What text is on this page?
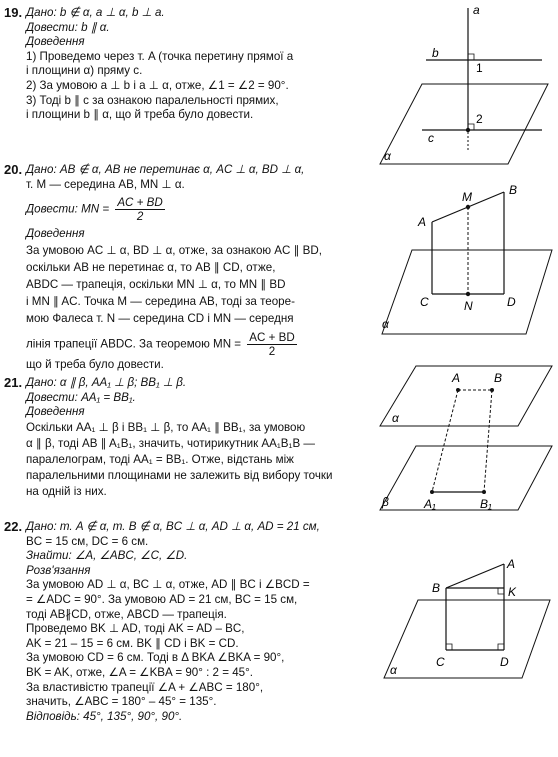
19. Дано: b ∉ α, a ⊥ α, b ⊥ a.
Довести: b ∥ α.
Доведення
1) Проведемо через т. A (точка перетину прямої a
і площини α) пряму c.
2) За умовою a ⊥ b і a ⊥ α, отже, ∠1 = ∠2 = 90°.
3) Тоді b ∥ c за ознакою паралельності прямих,
і площини b ∥ α, що й треба було довести.
a
b
1
2
c
α
20. Дано: AB ∉ α, AB не перетинає α, AC ⊥ α, BD ⊥ α,
т. M — середина AB, MN ⊥ α.
Довести: MN = $\frac{AC + BD}{2}$
Доведення
За умовою AC ⊥ α, BD ⊥ α, отже, за ознакою AC ∥ BD,
оскільки AB не перетинає α, то AB ∥ CD, отже,
ABDC — трапеція, оскільки MN ⊥ α, то MN ∥ BD
і MN ∥ AC. Точка M — середина AB, тоді за теоре-
мою Фалеса т. N — середина CD і MN — середня
лінія трапеції ABDC. За теоремою MN = $\frac{AC + BD}{2}$
що й треба було довести.
A
M	B
C	N	D
α
21. Дано: α ∥ β, AA₁ ⊥ β; BB₁ ⊥ β.
Довести: AA₁ = BB₁.
Доведення
Оскільки AA₁ ⊥ β і BB₁ ⊥ β, то AA₁ ∥ BB₁, за умовою
α ∥ β, тоді AB ∥ A₁B₁, значить, чотирикутник AA₁B₁B —
паралелограм, тоді AA₁ = BB₁. Отже, відстань між
паралельними площинами не залежить від вибору точки
на одній із них.
A	B
α
β	A₁	B₁
22. Дано: т. A ∉ α, т. B ∉ α, BC ⊥ α, AD ⊥ α, AD = 21 см,
BC = 15 см, DC = 6 см.
Знайти: ∠A, ∠ABC, ∠C, ∠D.
Розв'язання
За умовою AD ⊥ α, BC ⊥ α, отже, AD ∥ BC і ∠BCD =
= ∠ADC = 90°. За умовою AD = 21 см, BC = 15 см,
тоді AB∦CD, отже, ABCD — трапеція.
Проведемо BK ⊥ AD, тоді AK = AD – BC,
AK = 21 – 15 = 6 см. BK ∥ CD і BK = CD.
За умовою CD = 6 см. Тоді в Δ BKA ∠BKA = 90°,
BK = AK, отже, ∠A = ∠KBA = 90° : 2 = 45°.
За властивістю трапеції ∠A + ∠ABC = 180°,
значить, ∠ABC = 180° – 45° = 135°.
Відповідь: 45°, 135°, 90°, 90°.
A
B	K
C	D
α
